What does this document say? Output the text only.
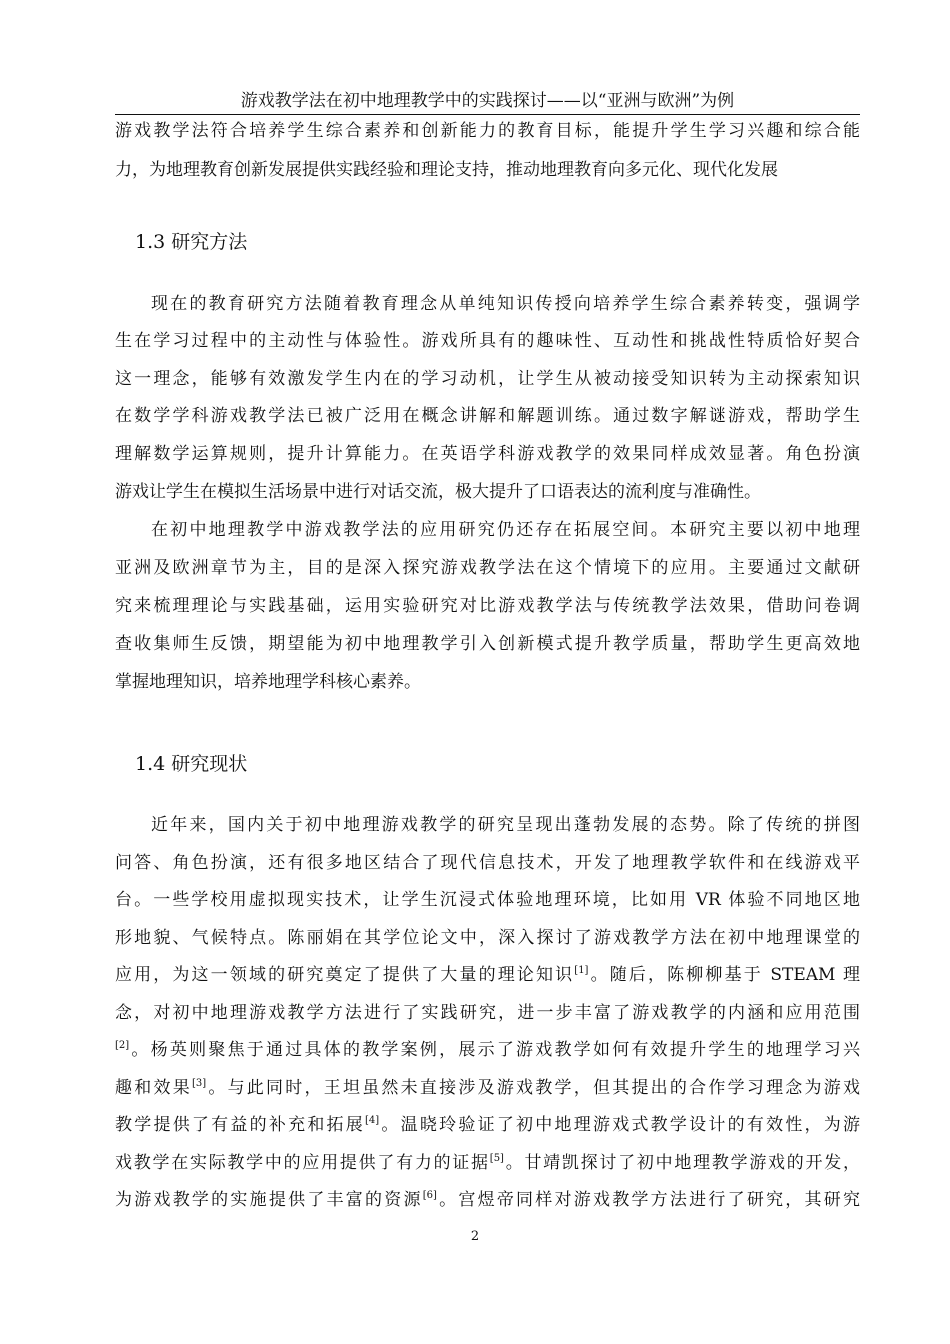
游戏教学法在初中地理教学中的实践探讨——以“亚洲与欧洲”为例
游戏教学法符合培养学生综合素养和创新能力的教育目标，能提升学生学习兴趣和综合能
力，为地理教育创新发展提供实践经验和理论支持，推动地理教育向多元化、现代化发展
1.3 研究方法
现在的教育研究方法随着教育理念从单纯知识传授向培养学生综合素养转变，强调学
生在学习过程中的主动性与体验性。游戏所具有的趣味性、互动性和挑战性特质恰好契合
这一理念，能够有效激发学生内在的学习动机，让学生从被动接受知识转为主动探索知识
在数学学科游戏教学法已被广泛用在概念讲解和解题训练。通过数字解谜游戏，帮助学生
理解数学运算规则，提升计算能力。在英语学科游戏教学的效果同样成效显著。角色扮演
游戏让学生在模拟生活场景中进行对话交流，极大提升了口语表达的流利度与准确性。
在初中地理教学中游戏教学法的应用研究仍还存在拓展空间。本研究主要以初中地理
亚洲及欧洲章节为主，目的是深入探究游戏教学法在这个情境下的应用。主要通过文献研
究来梳理理论与实践基础，运用实验研究对比游戏教学法与传统教学法效果，借助问卷调
查收集师生反馈，期望能为初中地理教学引入创新模式提升教学质量，帮助学生更高效地
掌握地理知识，培养地理学科核心素养。
1.4 研究现状
近年来，国内关于初中地理游戏教学的研究呈现出蓬勃发展的态势。除了传统的拼图
问答、角色扮演，还有很多地区结合了现代信息技术，开发了地理教学软件和在线游戏平
台。一些学校用虚拟现实技术，让学生沉浸式体验地理环境，比如用 VR 体验不同地区地
形地貌、气候特点。陈丽娟在其学位论文中，深入探讨了游戏教学方法在初中地理课堂的
应用，为这一领域的研究奠定了提供了大量的理论知识[1]。随后，陈柳柳基于 STEAM 理
念，对初中地理游戏教学方法进行了实践研究，进一步丰富了游戏教学的内涵和应用范围
[2]。杨英则聚焦于通过具体的教学案例，展示了游戏教学如何有效提升学生的地理学习兴
趣和效果[3]。与此同时，王坦虽然未直接涉及游戏教学，但其提出的合作学习理念为游戏
教学提供了有益的补充和拓展[4]。温晓玲验证了初中地理游戏式教学设计的有效性，为游
戏教学在实际教学中的应用提供了有力的证据[5]。甘靖凯探讨了初中地理教学游戏的开发，
为游戏教学的实施提供了丰富的资源[6]。宫煜帝同样对游戏教学方法进行了研究，其研究
2
